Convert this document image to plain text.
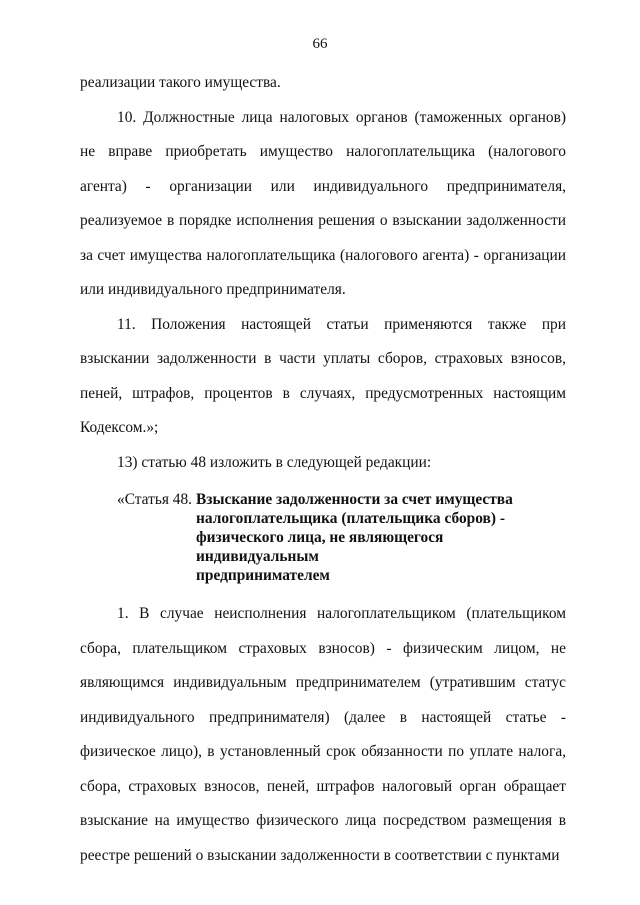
66

реализации такого имущества.

10. Должностные лица налоговых органов (таможенных органов) не вправе приобретать имущество налогоплательщика (налогового агента) - организации или индивидуального предпринимателя, реализуемое в порядке исполнения решения о взыскании задолженности за счет имущества налогоплательщика (налогового агента) - организации или индивидуального предпринимателя.

11. Положения настоящей статьи применяются также при взыскании задолженности в части уплаты сборов, страховых взносов, пеней, штрафов, процентов в случаях, предусмотренных настоящим Кодексом.»;

13) статью 48 изложить в следующей редакции:

«Статья 48. Взыскание задолженности за счет имущества
налогоплательщика (плательщика сборов) -
физического лица, не являющегося индивидуальным
предпринимателем

1. В случае неисполнения налогоплательщиком (плательщиком сбора, плательщиком страховых взносов) - физическим лицом, не являющимся индивидуальным предпринимателем (утратившим статус индивидуального предпринимателя) (далее в настоящей статье - физическое лицо), в установленный срок обязанности по уплате налога, сбора, страховых взносов, пеней, штрафов налоговый орган обращает взыскание на имущество физического лица посредством размещения в реестре решений о взыскании задолженности в соответствии с пунктами
